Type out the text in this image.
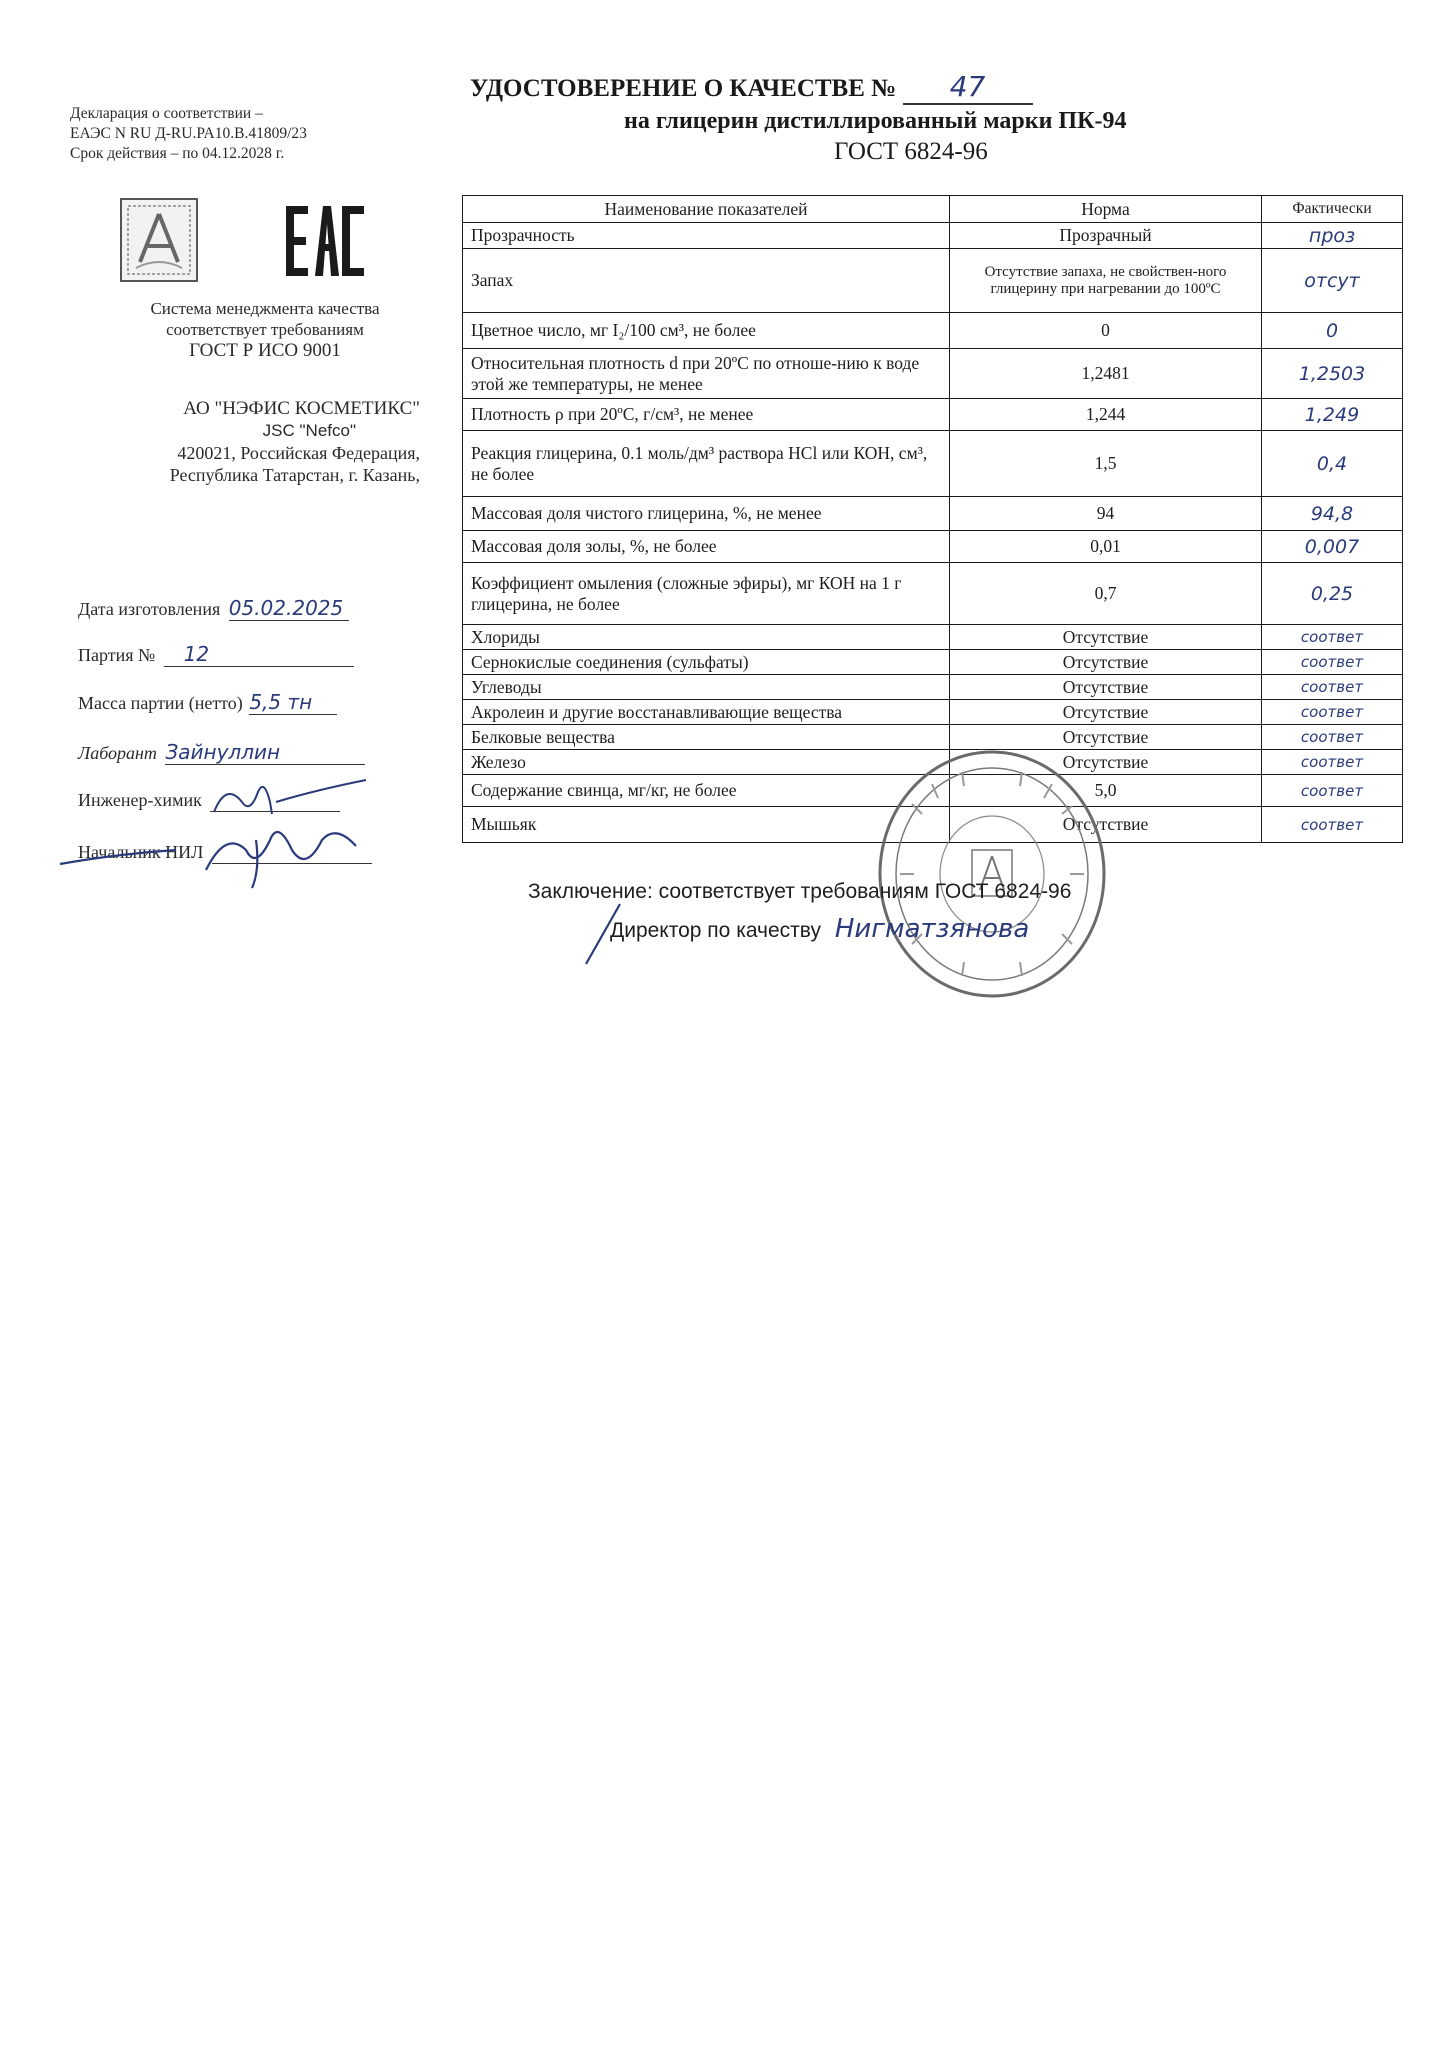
Декларация о соответствии –
ЕАЭС N RU Д-RU.PA10.B.41809/23
Срок действия – по 04.12.2028 г.
Система менеджмента качества
соответствует требованиям
ГОСТ Р ИСО 9001
АО "НЭФИС КОСМЕТИКС"
JSC "Nefco"
420021, Российская Федерация,
Республика Татарстан, г. Казань,
Дата изготовления 05.02.2025
Партия № 12
Масса партии (нетто) 5,5 тн
Лаборант Зайнуллин
Инженер-химик
Начальник НИЛ
УДОСТОВЕРЕНИЕ О КАЧЕСТВЕ № 47
на глицерин дистиллированный марки ПК-94
ГОСТ 6824-96
Наименование показателей	Норма	Фактически
Прозрачность	Прозрачный	проз
Запах	Отсутствие запаха, не свойствен-ного глицерину при нагревании до 100ºС	отсут
Цветное число, мг I₂/100 см³, не более	0	0
Относительная плотность d при 20ºС по отноше-нию к воде этой же температуры, не менее	1,2481	1,2503
Плотность ρ при 20ºС, г/см³, не менее	1,244	1,249
Реакция глицерина, 0.1 моль/дм³ раствора HCl или КОН, см³, не более	1,5	0,4
Массовая доля чистого глицерина, %, не менее	94	94,8
Массовая доля золы, %, не более	0,01	0,007
Коэффициент омыления (сложные эфиры), мг КОН на 1 г глицерина, не более	0,7	0,25
Хлориды	Отсутствие	соответ
Сернокислые соединения (сульфаты)	Отсутствие	соответ
Углеводы	Отсутствие	соответ
Акролеин и другие восстанавливающие вещества	Отсутствие	соответ
Белковые вещества	Отсутствие	соответ
Железо	Отсутствие	соответ
Содержание свинца, мг/кг, не более	5,0	соответ
Мышьяк	Отсутствие	соответ
Заключение: соответствует требованиям ГОСТ 6824-96
Директор по качеству Нигматзянова
